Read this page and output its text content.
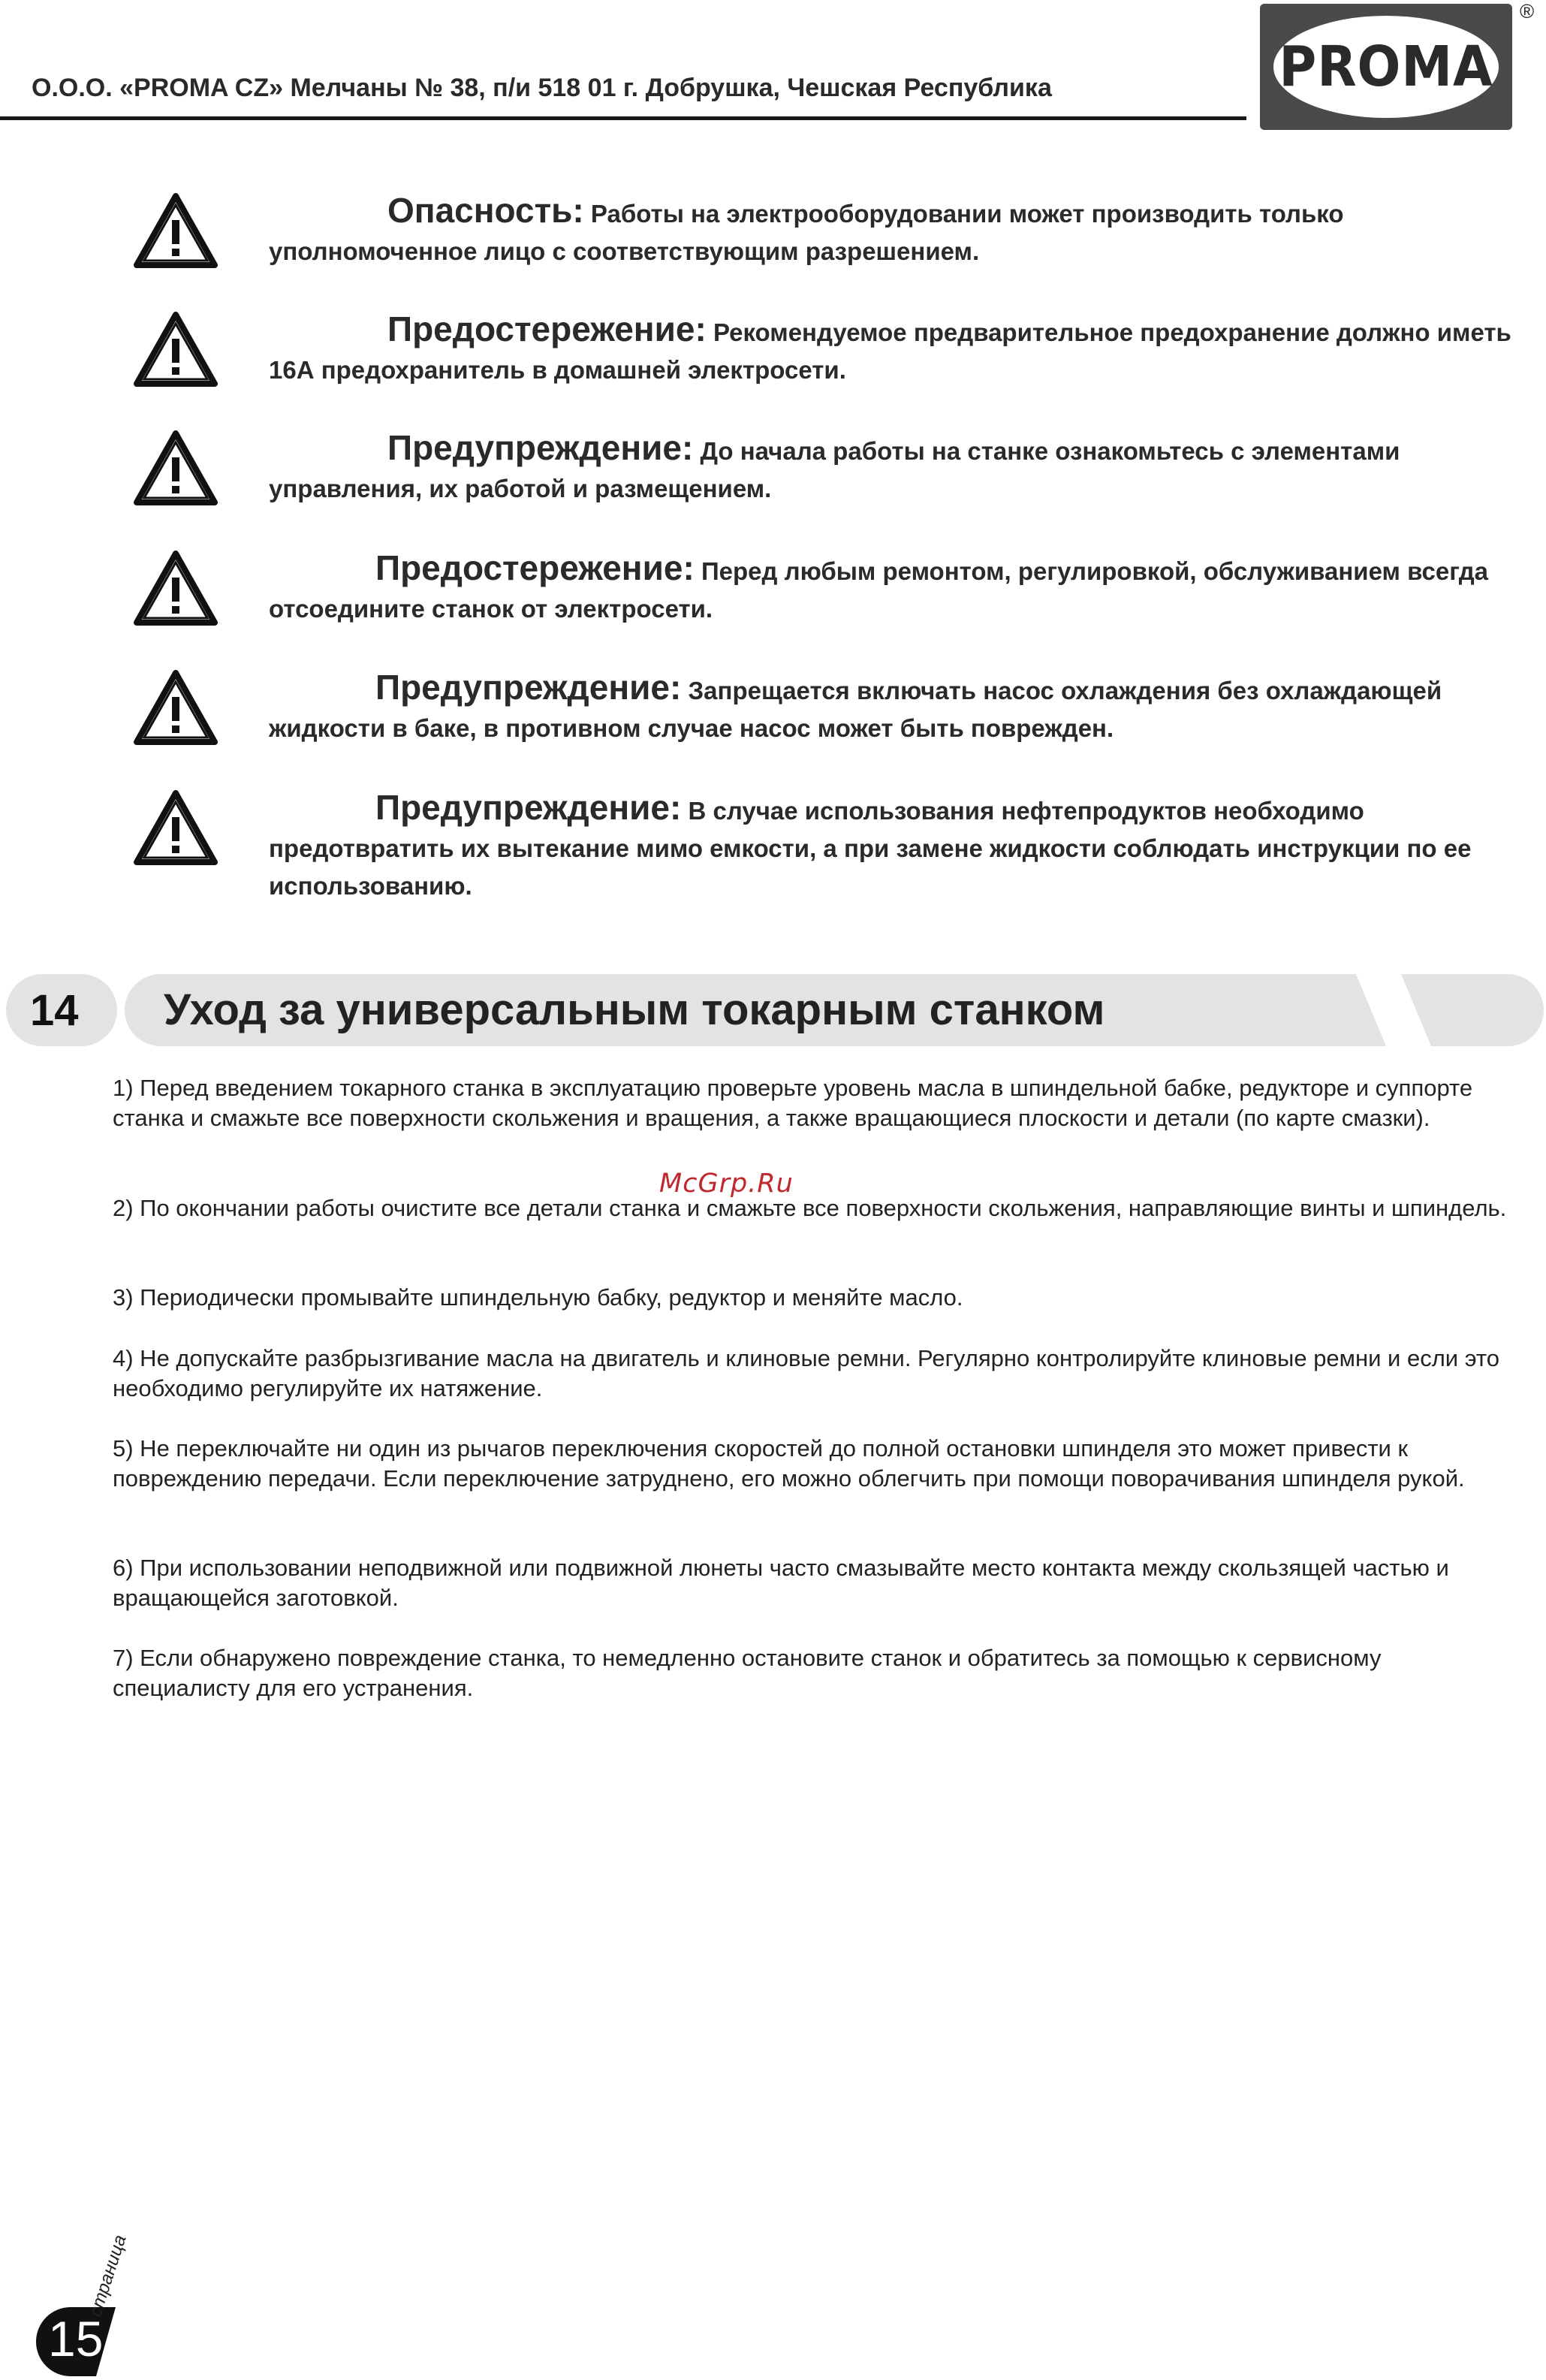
О.О.О. «PROMA CZ» Мелчаны № 38, п/и 518 01 г. Добрушка, Чешская Республика	PROMA
®
Опасность: Работы на электрооборудовании может производить только уполномоченное лицо с соответствующим разрешением.
Предостережение: Рекомендуемое предварительное предохранение должно иметь 16А предохранитель в домашней электросети.
Предупреждение: До начала работы на станке ознакомьтесь с элементами управления, их работой и размещением.
Предостережение: Перед любым ремонтом, регулировкой, обслуживанием всегда отсоедините станок от электросети.
Предупреждение: Запрещается включать насос охлаждения без охлаждающей жидкости в баке, в противном случае насос может быть поврежден.
Предупреждение: В случае использования нефтепродуктов необходимо предотвратить их вытекание мимо емкости, а при замене жидкости соблюдать инструкции по ее использованию.
14	Уход за универсальным токарным станком
McGrp.Ru
1) Перед введением токарного станка в эксплуатацию проверьте уровень масла в шпиндельной бабке, редукторе и суппорте станка и смажьте все поверхности скольжения и вращения, а также вращающиеся плоскости и детали (по карте смазки).
2) По окончании работы очистите все детали станка и смажьте все поверхности скольжения, направляющие винты и шпиндель.
3) Периодически промывайте шпиндельную бабку, редуктор и меняйте масло.
4) Не допускайте разбрызгивание масла на двигатель и клиновые ремни. Регулярно контролируйте клиновые ремни и если это необходимо регулируйте их натяжение.
5) Не переключайте ни один из рычагов переключения скоростей до полной остановки шпинделя это может привести к повреждению передачи. Если переключение затруднено, его можно облегчить при помощи поворачивания шпинделя рукой.
6) При использовании неподвижной или подвижной люнеты часто смазывайте место контакта между скользящей частью и вращающейся заготовкой.
7) Если обнаружено повреждение станка, то немедленно остановите станок и обратитесь за помощью к сервисному специалисту для его устранения.
15
страница
